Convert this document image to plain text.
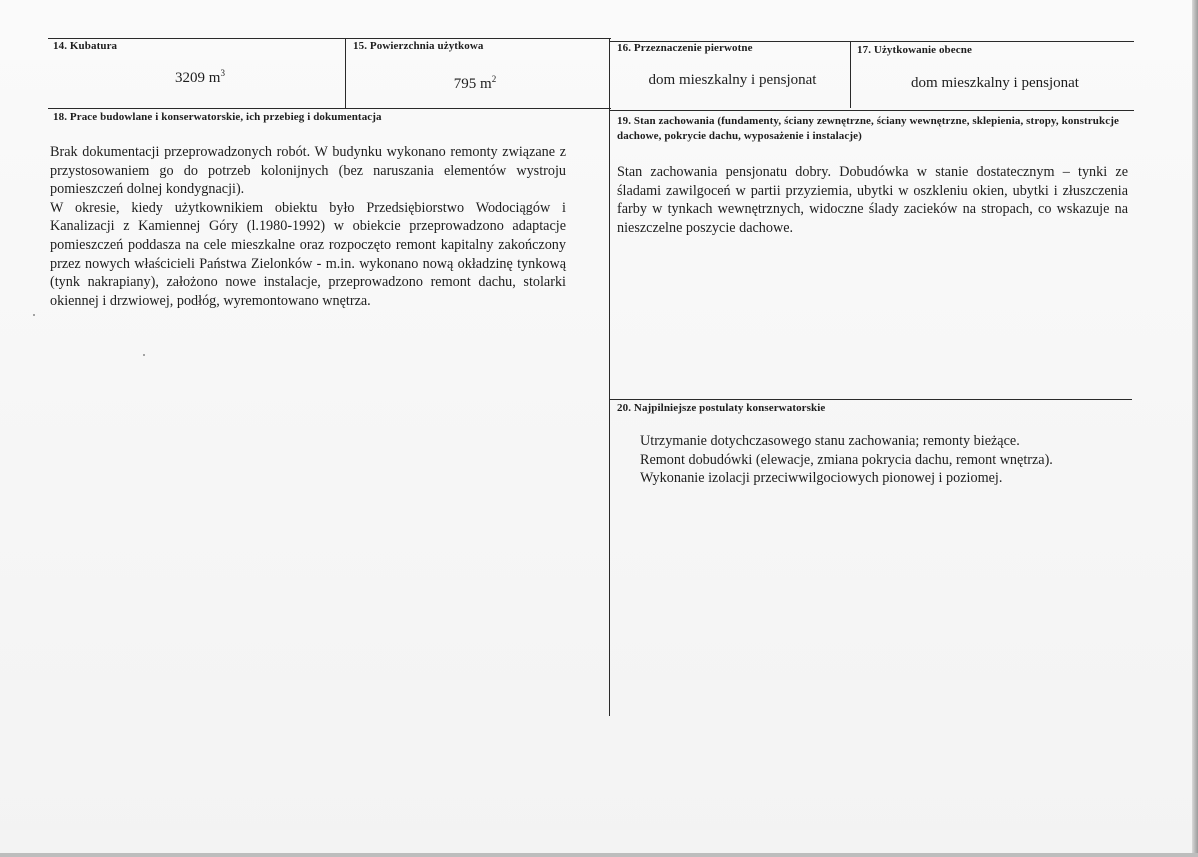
14. Kubatura
3209 $m^3$
15. Powierzchnia użytkowa
795 $m^2$
16. Przeznaczenie pierwotne
dom mieszkalny i pensjonat
17. Użytkowanie obecne
dom mieszkalny i pensjonat
18. Prace budowlane i konserwatorskie, ich przebieg i dokumentacja

Brak dokumentacji przeprowadzonych robót. W budynku wykonano remonty związane z przystosowaniem go do potrzeb kolonijnych (bez naruszania elementów wystroju pomieszczeń dolnej kondygnacji).

W okresie, kiedy użytkownikiem obiektu było Przedsiębiorstwo Wodociągów i Kanalizacji z Kamiennej Góry (l.1980-1992) w obiekcie przeprowadzono adaptacje pomieszczeń poddasza na cele mieszkalne oraz rozpoczęto remont kapitalny zakończony przez nowych właścicieli Państwa Zielonków - m.in. wykonano nową okładzinę tynkową (tynk nakrapiany), założono nowe instalacje, przeprowadzono remont dachu, stolarki okiennej i drzwiowej, podłóg, wyremontowano wnętrza.

19. Stan zachowania (fundamenty, ściany zewnętrzne, ściany wewnętrzne, sklepienia, stropy, konstrukcje dachowe, pokrycie dachu, wyposażenie i instalacje)

Stan zachowania pensjonatu dobry. Dobudówka w stanie dostatecznym – tynki ze śladami zawilgoceń w partii przyziemia, ubytki w oszkleniu okien, ubytki i złuszczenia farby w tynkach wewnętrznych, widoczne ślady zacieków na stropach, co wskazuje na nieszczelne poszycie dachowe.

20. Najpilniejsze postulaty konserwatorskie

Utrzymanie dotychczasowego stanu zachowania; remonty bieżące.

Remont dobudówki (elewacje, zmiana pokrycia dachu, remont wnętrza).

Wykonanie izolacji przeciwwilgociowych pionowej i poziomej.
